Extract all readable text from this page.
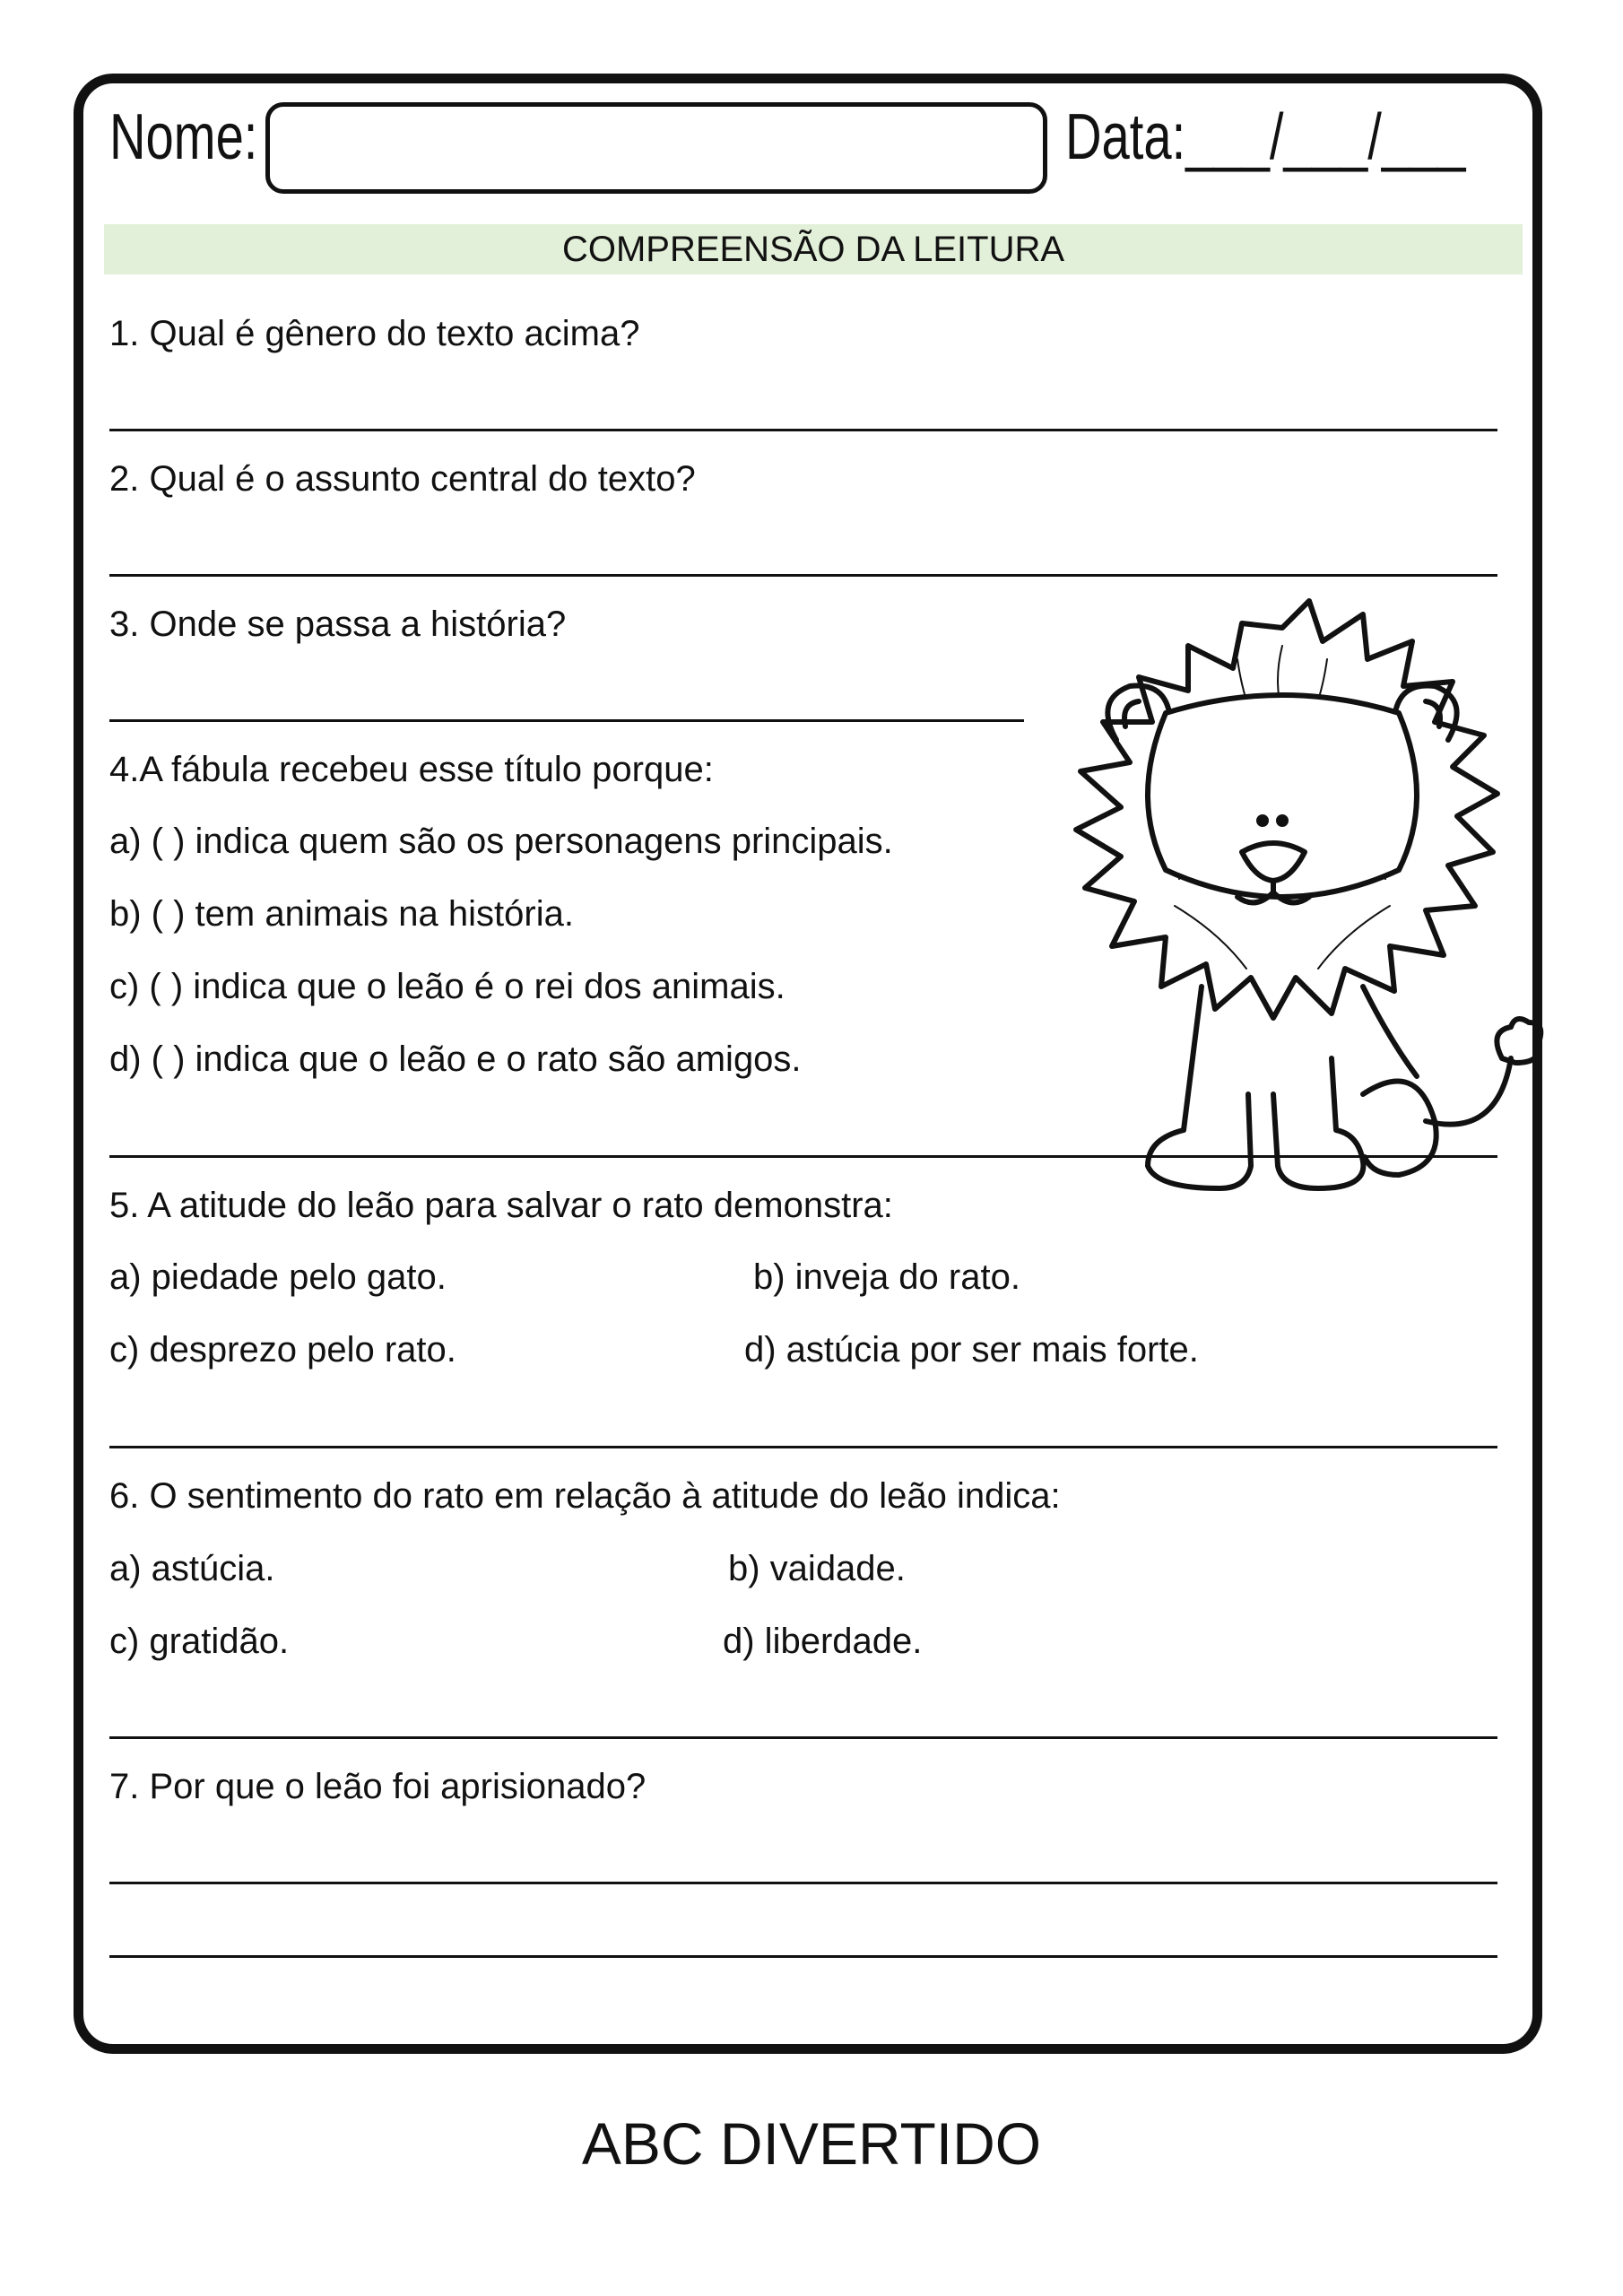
Nome:	Data:___/___/___
COMPREENSÃO DA LEITURA
1. Qual é gênero do texto acima?
2. Qual é o assunto central do texto?
3. Onde se passa a história?
4.A fábula recebeu esse título porque:
a) ( ) indica quem são os personagens principais.
b) ( ) tem animais na história.
c) ( ) indica que o leão é o rei dos animais.
d) ( ) indica que o leão e o rato são amigos.
5. A atitude do leão para salvar o rato demonstra:
a) piedade pelo gato.	b) inveja do rato.
c) desprezo pelo rato.	d) astúcia por ser mais forte.
6. O sentimento do rato em relação à atitude do leão indica:
a) astúcia.	b) vaidade.
c) gratidão.	d) liberdade.
7. Por que o leão foi aprisionado?
ABC DIVERTIDO
